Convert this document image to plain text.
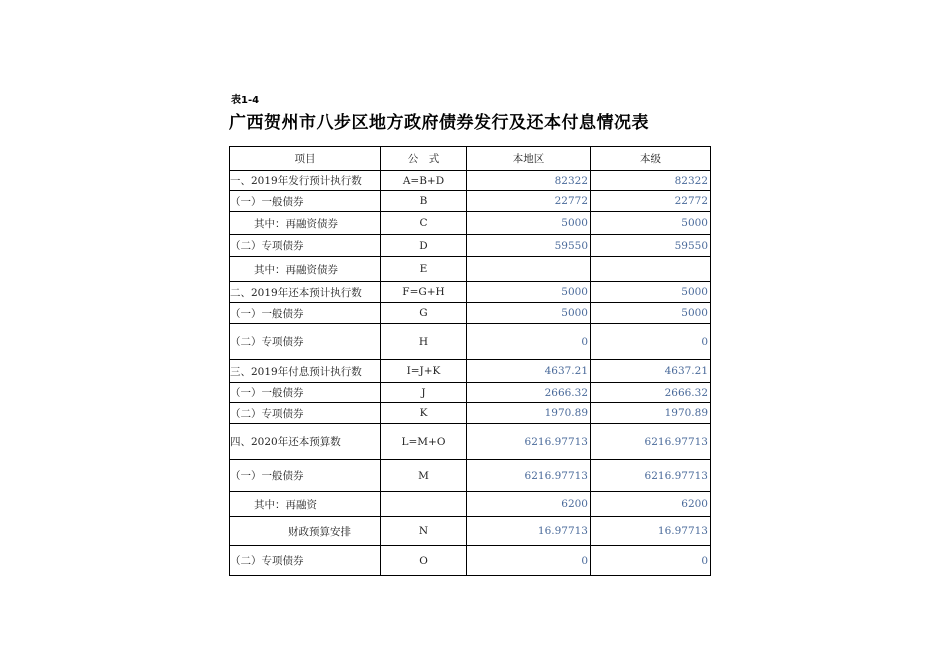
表1-4
广西贺州市八步区地方政府债券发行及还本付息情况表
项目	公　式	本地区	本级
一、2019年发行预计执行数	A=B+D	82322	82322
（一）一般债券	B	22772	22772
其中：再融资债券	C	5000	5000
（二）专项债券	D	59550	59550
其中：再融资债券	E		
二、2019年还本预计执行数	F=G+H	5000	5000
（一）一般债券	G	5000	5000
（二）专项债券	H	0	0
三、2019年付息预计执行数	I=J+K	4637.21	4637.21
（一）一般债券	J	2666.32	2666.32
（二）专项债券	K	1970.89	1970.89
四、2020年还本预算数	L=M+O	6216.97713	6216.97713
（一）一般债券	M	6216.97713	6216.97713
其中：再融资		6200	6200
财政预算安排	N	16.97713	16.97713
（二）专项债券	O	0	0
